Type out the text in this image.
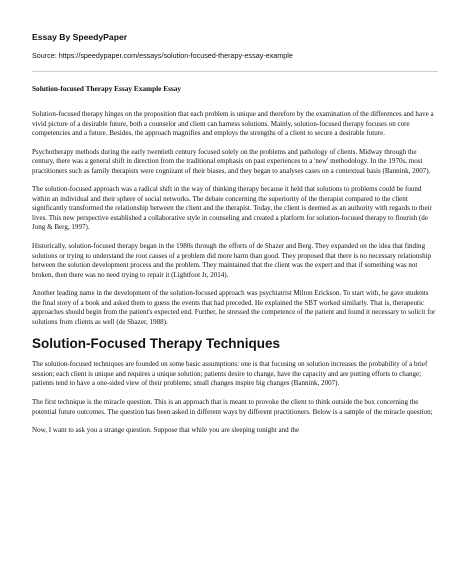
Essay By SpeedyPaper
Source: https://speedypaper.com/essays/solution-focused-therapy-essay-example
Solution-focused Therapy Essay Example Essay

Solution-focused therapy hinges on the proposition that each problem is unique and therefore by the examination of the differences and have a vivid picture of a desirable future, both a counselor and client can harness solutions. Mainly, solution-focused therapy focuses on core competencies and a future. Besides, the approach magnifies and employs the strengths of a client to secure a desirable future.

Psychotherapy methods during the early twentieth century focused solely on the problems and pathology of clients. Midway through the century, there was a general shift in direction from the traditional emphasis on past experiences to a 'new' methodology. In the 1970s, most practitioners such as family therapists were cognizant of their biases, and they began to analyses cases on a contextual basis (Bannink, 2007).

The solution-focused approach was a radical shift in the way of thinking therapy because it held that solutions to problems could be found within an individual and their sphere of social networks. The debate concerning the superiority of the therapist compared to the client significantly transformed the relationship between the client and the therapist. Today, the client is deemed as an authority with regards to their lives. This new perspective established a collaborative style in counseling and created a platform for solution-focused therapy to flourish (de Jong & Berg, 1997).

Historically, solution-focused therapy began in the 1980s through the efforts of de Shazer and Berg. They expanded on the idea that finding solutions or trying to understand the root causes of a problem did more harm than good. They proposed that there is no necessary relationship between the solution development process and the problem. They maintained that the client was the expert and that if something was not broken, then there was no need trying to repair it (Lightfoot Jr, 2014).

Another leading name in the development of the solution-focused approach was psychiatrist Milton Erickson. To start with, he gave students the final story of a book and asked them to guess the events that had preceded. He explained the SBT worked similarly. That is, therapeutic approaches should begin from the patient's expected end. Further, he stressed the competence of the patient and found it necessary to solicit for solutions from clients as well (de Shazer, 1988).

Solution-Focused Therapy Techniques

The solution-focused techniques are founded on some basic assumptions: one is that focusing on solution increases the probability of a brief session; each client is unique and requires a unique solution; patients desire to change, have the capacity and are putting efforts to change; patients tend to have a one-sided view of their problems; small changes inspire big changes (Bannink, 2007).

The first technique is the miracle question. This is an approach that is meant to provoke the client to think outside the box concerning the potential future outcomes. The question has been asked in different ways by different practitioners. Below is a sample of the miracle question;

Now, I want to ask you a strange question. Suppose that while you are sleeping tonight and the
